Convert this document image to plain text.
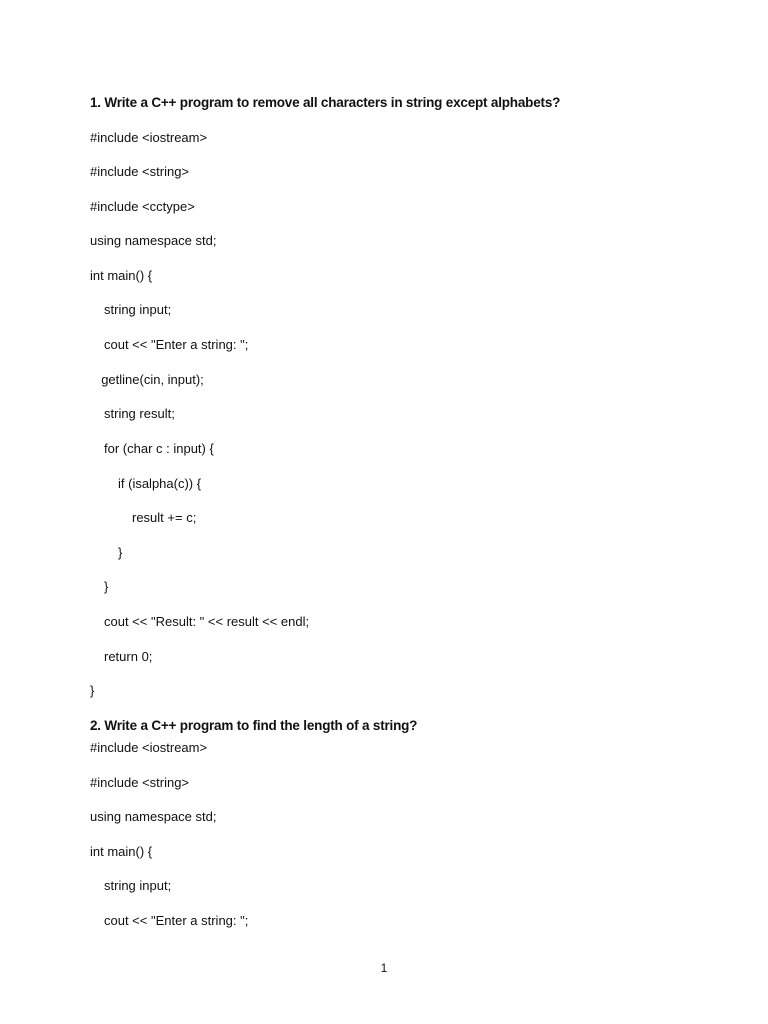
1. Write a C++ program to remove all characters in string except alphabets?
#include <iostream>
#include <string>
#include <cctype>
using namespace std;
int main() {
string input;
cout << "Enter a string: ";
getline(cin, input);
string result;
for (char c : input) {
if (isalpha(c)) {
result += c;
}
}
cout << "Result: " << result << endl;
return 0;
}
2. Write a C++ program to find the length of a string?
#include <iostream>
#include <string>
using namespace std;
int main() {
string input;
cout << "Enter a string: ";
1
